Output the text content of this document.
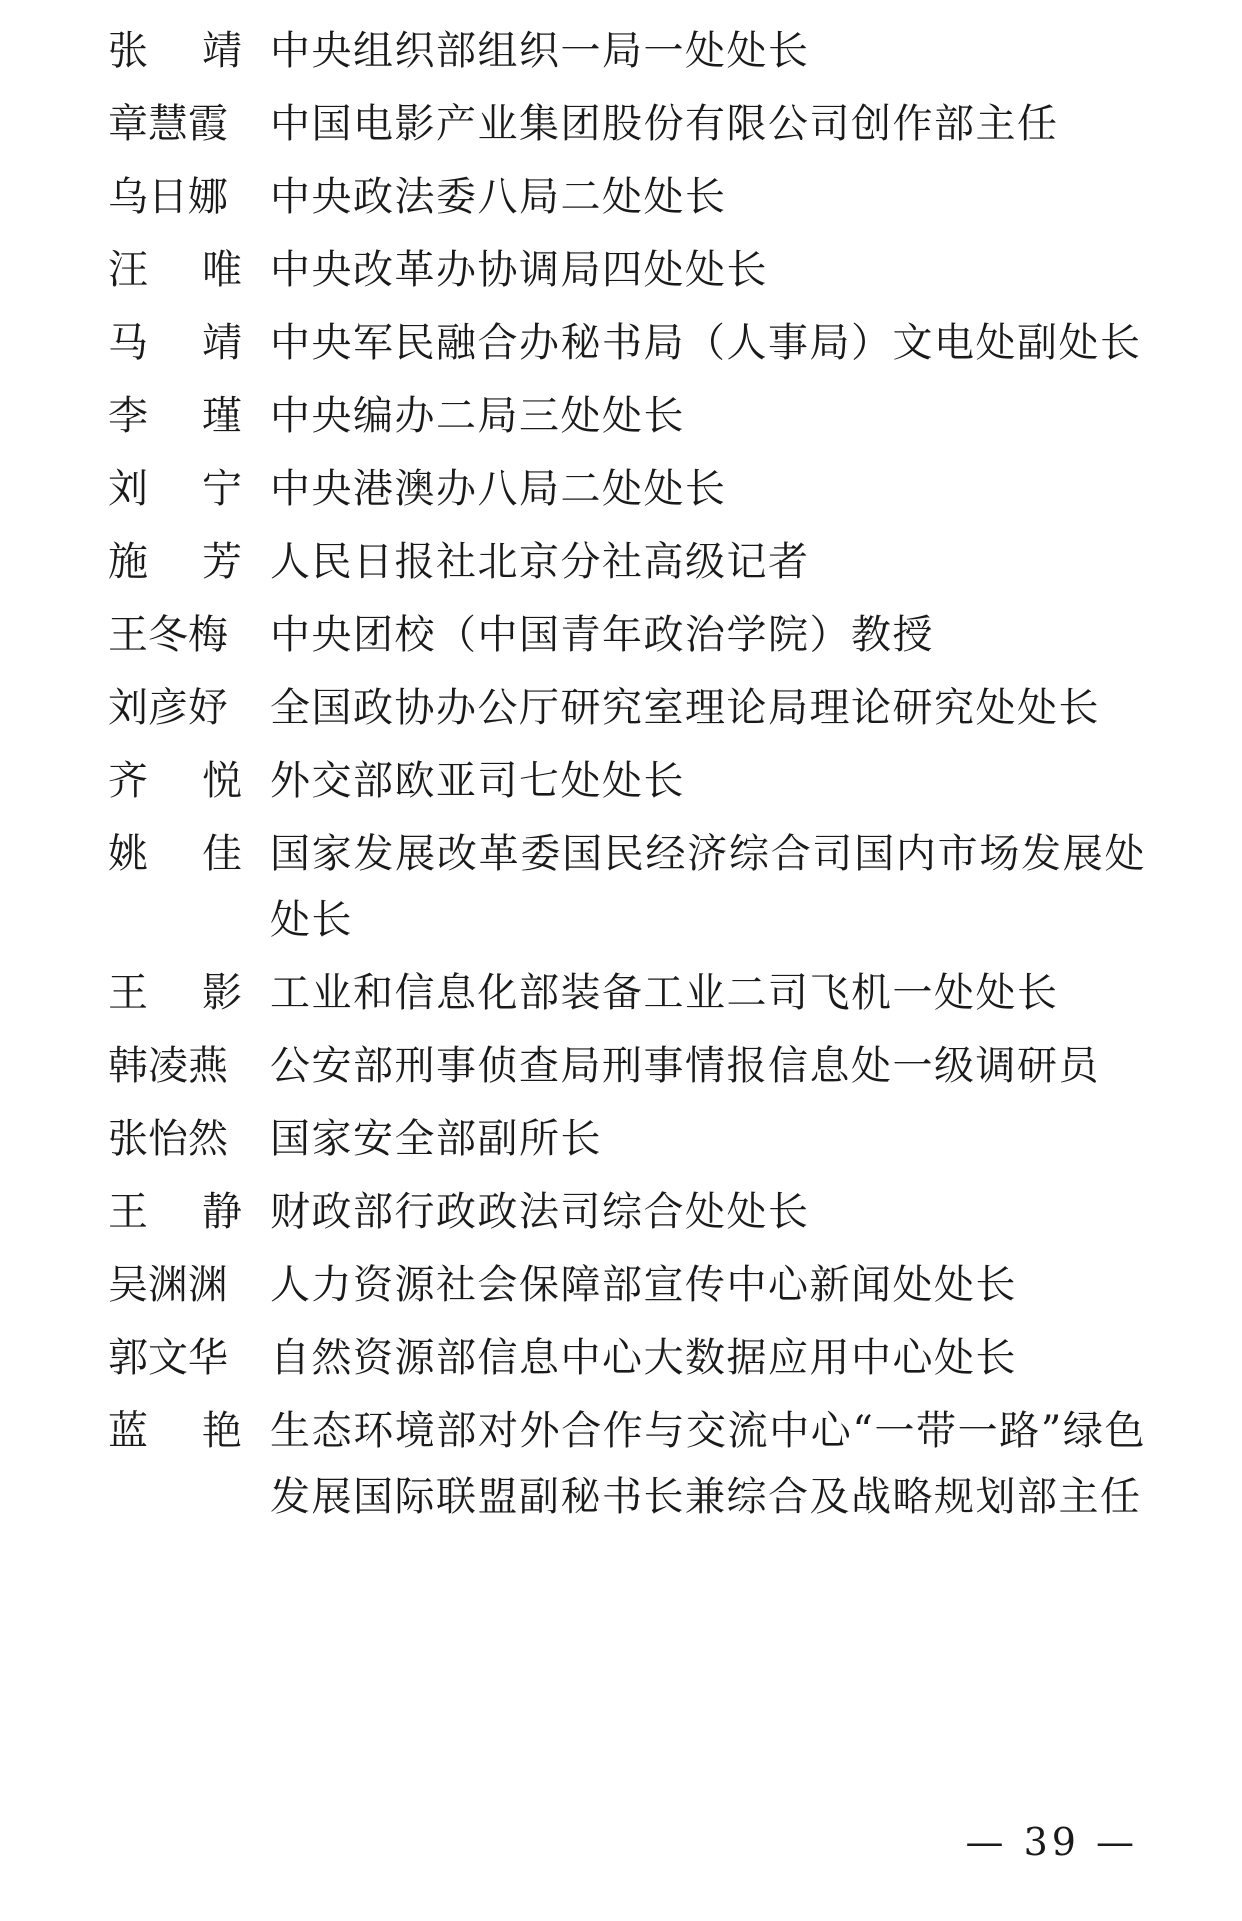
张 靖 中央组织部组织一局一处处长
章慧霞	中国电影产业集团股份有限公司创作部主任
乌日娜	中央政法委八局二处处长
汪 唯 中央改革办协调局四处处长
马 靖 中央军民融合办秘书局（人事局）文电处副处长
李 瑾 中央编办二局三处处长
刘 宁 中央港澳办八局二处处长
施 芳 人民日报社北京分社高级记者
王冬梅	中央团校（中国青年政治学院）教授
刘彦妤	全国政协办公厅研究室理论局理论研究处处长
齐 悦 外交部欧亚司七处处长
姚 佳 国家发展改革委国民经济综合司国内市场发展处处长
王 影 工业和信息化部装备工业二司飞机一处处长
韩凌燕	公安部刑事侦查局刑事情报信息处一级调研员
张怡然	国家安全部副所长
王 静 财政部行政政法司综合处处长
吴渊渊	人力资源社会保障部宣传中心新闻处处长
郭文华	自然资源部信息中心大数据应用中心处长
蓝 艳 生态环境部对外合作与交流中心“一带一路”绿色发展国际联盟副秘书长兼综合及战略规划部主任
— 39 —
